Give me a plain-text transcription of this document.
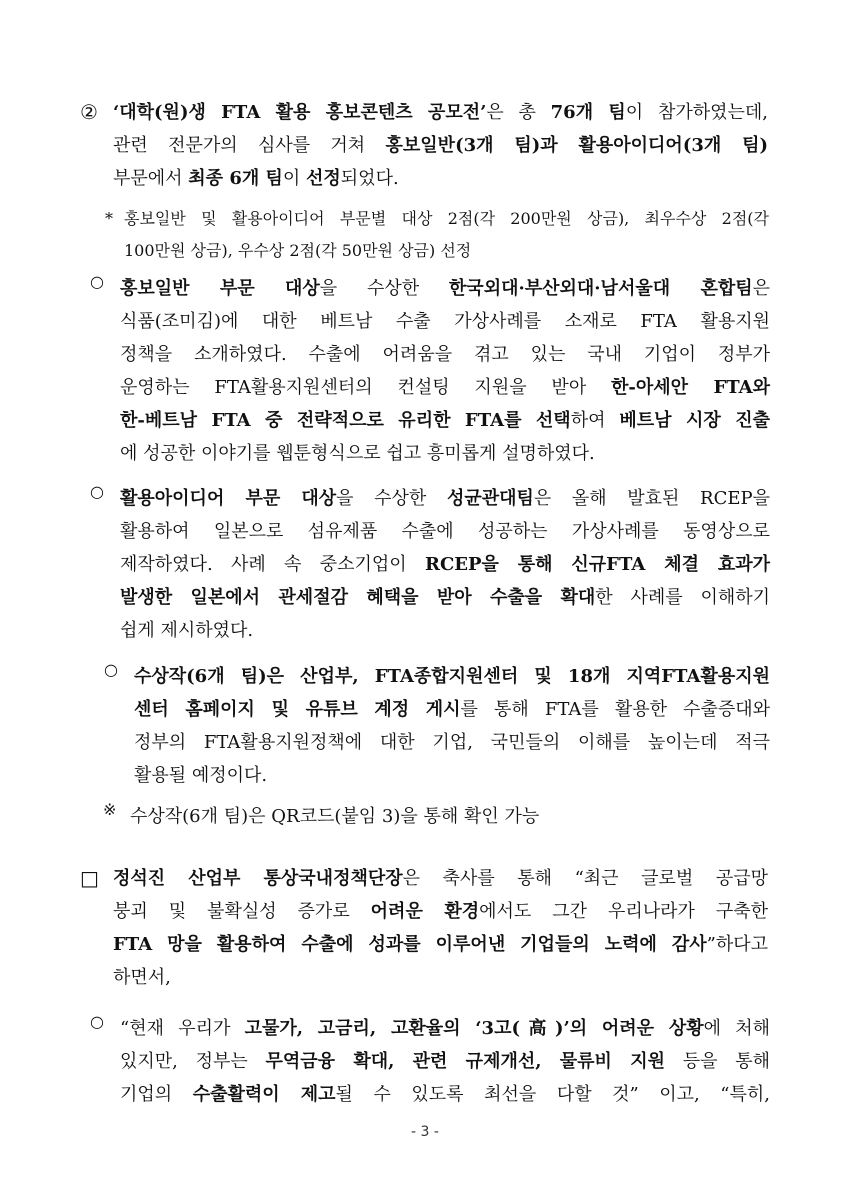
② ‘대학(원)생 FTA 활용 홍보콘텐츠 공모전’은 총 76개 팀이 참가하였는데,
관련 전문가의 심사를 거쳐 홍보일반(3개 팀)과 활용아이디어(3개 팀)
부문에서 최종 6개 팀이 선정되었다.
* 홍보일반 및 활용아이디어 부문별 대상 2점(각 200만원 상금), 최우수상 2점(각
100만원 상금), 우수상 2점(각 50만원 상금) 선정
○ 홍보일반 부문 대상을 수상한 한국외대·부산외대·남서울대 혼합팀은
식품(조미김)에 대한 베트남 수출 가상사례를 소재로 FTA 활용지원
정책을 소개하였다. 수출에 어려움을 겪고 있는 국내 기업이 정부가
운영하는 FTA활용지원센터의 컨설팅 지원을 받아 한-아세안 FTA와
한-베트남 FTA 중 전략적으로 유리한 FTA를 선택하여 베트남 시장 진출
에 성공한 이야기를 웹툰형식으로 쉽고 흥미롭게 설명하였다.
○ 활용아이디어 부문 대상을 수상한 성균관대팀은 올해 발효된 RCEP을
활용하여 일본으로 섬유제품 수출에 성공하는 가상사례를 동영상으로
제작하였다. 사례 속 중소기업이 RCEP을 통해 신규FTA 체결 효과가
발생한 일본에서 관세절감 혜택을 받아 수출을 확대한 사례를 이해하기
쉽게 제시하였다.
○ 수상작(6개 팀)은 산업부, FTA종합지원센터 및 18개 지역FTA활용지원
센터 홈페이지 및 유튜브 계정 게시를 통해 FTA를 활용한 수출증대와
정부의 FTA활용지원정책에 대한 기업, 국민들의 이해를 높이는데 적극
활용될 예정이다.
※ 수상작(6개 팀)은 QR코드(붙임 3)을 통해 확인 가능
□ 정석진 산업부 통상국내정책단장은 축사를 통해 “최근 글로벌 공급망
붕괴 및 불확실성 증가로 어려운 환경에서도 그간 우리나라가 구축한
FTA 망을 활용하여 수출에 성과를 이루어낸 기업들의 노력에 감사”하다고
하면서,
○ “현재 우리가 고물가, 고금리, 고환율의 ‘3고(高)’의 어려운 상황에 처해
있지만, 정부는 무역금융 확대, 관련 규제개선, 물류비 지원 등을 통해
기업의 수출활력이 제고될 수 있도록 최선을 다할 것” 이고, “특히,
- 3 -
